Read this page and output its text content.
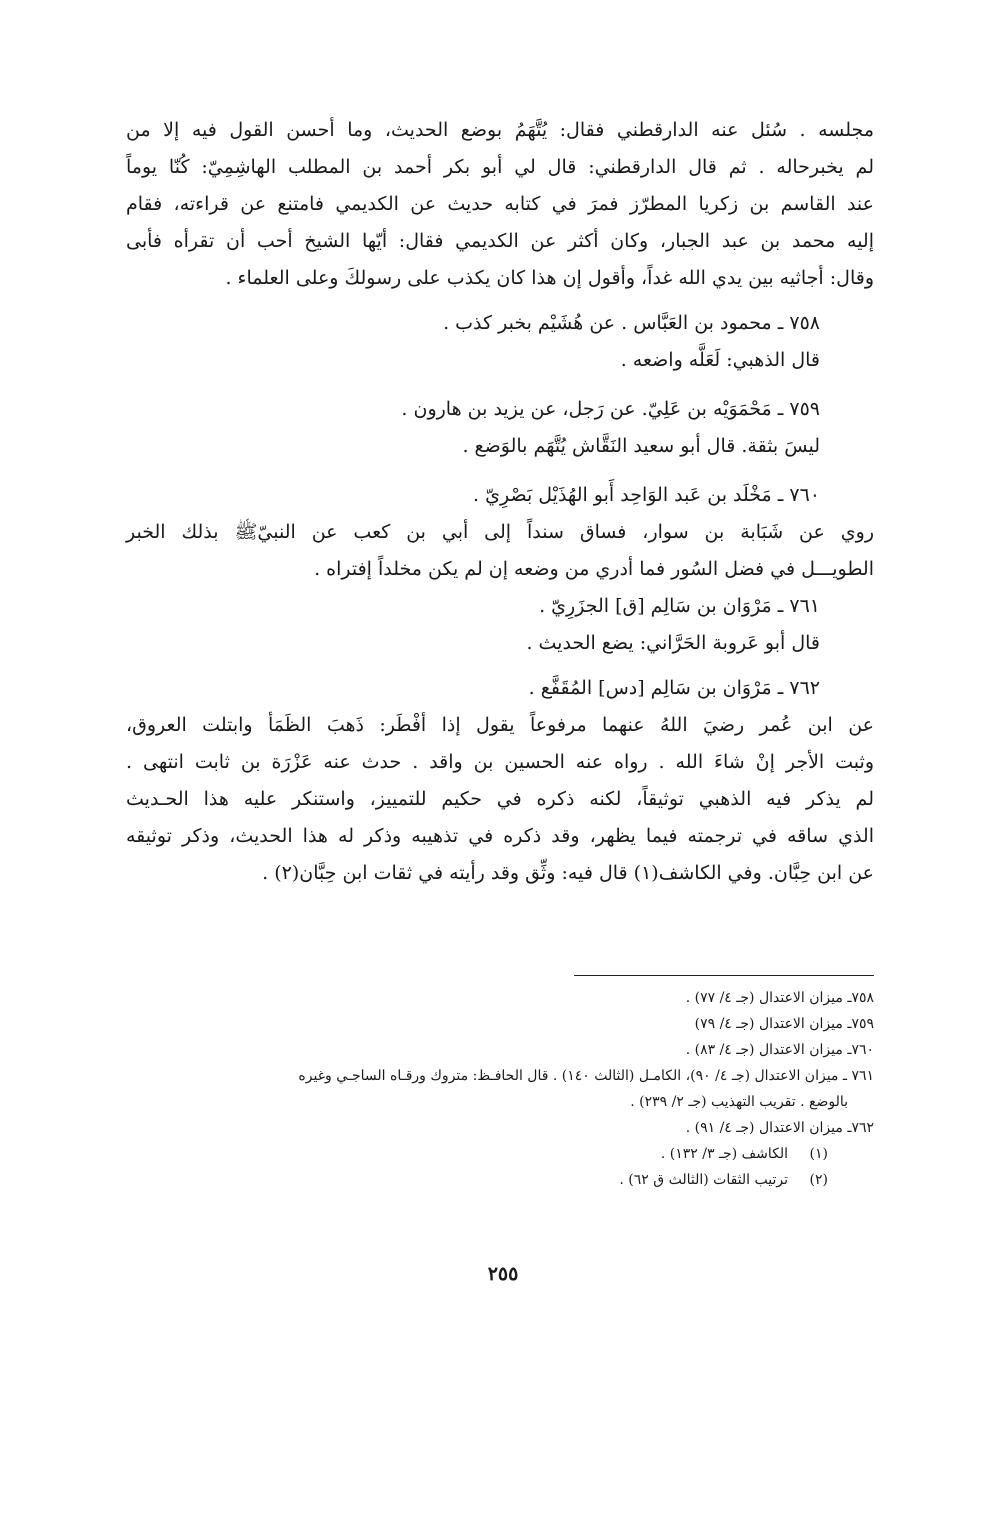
مجلسه . سُئل عنه الدارقطني فقال: يُتَّهَمُ بوضع الحديث، وما أحسن القول فيه إلا من

لم يخبرحاله . ثم قال الدارقطني: قال لي أبو بكر أحمد بن المطلب الهاشِمِيّ: كُنّا يوماً

عند القاسم بن زكريا المطرّز فمرَ في كتابه حديث عن الكديمي فامتنع عن قراءته، فقام

إليه محمد بن عبد الجبار، وكان أكثر عن الكديمي فقال: أيّها الشيخ أحب أن تقرأه فأبى

وقال: أجاثيه بين يدي الله غداً، وأقول إن هذا كان يكذب على رسولكَ وعلى العلماء .

٧٥٨ ـ محمود بن العَبَّاس . عن هُشَيْم بخبر كذب .

قال الذهبي: لَعَلَّه واضعه .

٧٥٩ ـ مَحْمَوَيْه بن عَلِيّ. عن رَجل، عن يزيد بن هارون .

ليسَ بثقة. قال أبو سعيد النَقَّاش يُتَّهَم بالوَضع .

٧٦٠ ـ مَخْلَد بن عَبد الوَاحِد أَبو الهُذَيْل بَصْرِيّ .

روي عن شَبَابة بن سوار، فساق سنداً إلى أبي بن كعب عن النبيّﷺ بذلك الخبر

الطويـــل في فضل السُور فما أدري من وضعه إن لم يكن مخلداً إفتراه .

٧٦١ ـ مَرْوَان بن سَالِم [ق] الجزَرِيّ .

قال أبو عَروبة الحَرَّاني: يضع الحديث .

٧٦٢ ـ مَرْوَان بن سَالِم [دس] المُقَفَّع .

عن ابن عُمر رضيَ اللهُ عنهما مرفوعاً يقول إذا أفْطَر: ذَهبَ الظَمَأ وابتلت العروق،

وثبت الأجر إنْ شاءَ الله . رواه عنه الحسين بن واقد . حدث عنه عَزْرَة بن ثابت انتهى .

لم يذكر فيه الذهبي توثيقاً، لكنه ذكره في حكيم للتمييز، واستنكر عليه هذا الحـديث

الذي ساقه في ترجمته فيما يظهر، وقد ذكره في تذهيبه وذكر له هذا الحديث، وذكر توثيقه

عن ابن حِبَّان. وفي الكاشف(١) قال فيه: وثِّق وقد رأيته في ثقات ابن حِبَّان(٢) .

٧٥٨ـ ميزان الاعتدال (جـ ٤/ ٧٧) .

٧٥٩ـ ميزان الاعتدال (جـ ٤/ ٧٩)

٧٦٠ـ ميزان الاعتدال (جـ ٤/ ٨٣) .

٧٦١ ـ ميزان الاعتدال (جـ ٤/ ٩٠)، الكامـل (الثالث ١٤٠) . قال الحافـظ: متروك ورقـاه الساجـي وغيره

بالوضع . تقريب التهذيب (جـ ٢/ ٢٣٩) .

٧٦٢ـ ميزان الاعتدال (جـ ٤/ ٩١) .

(١)الكاشف (جـ ٣/ ١٣٢) .

(٢)ترتيب الثقات (الثالث ق ٦٢) .

٢٥٥
